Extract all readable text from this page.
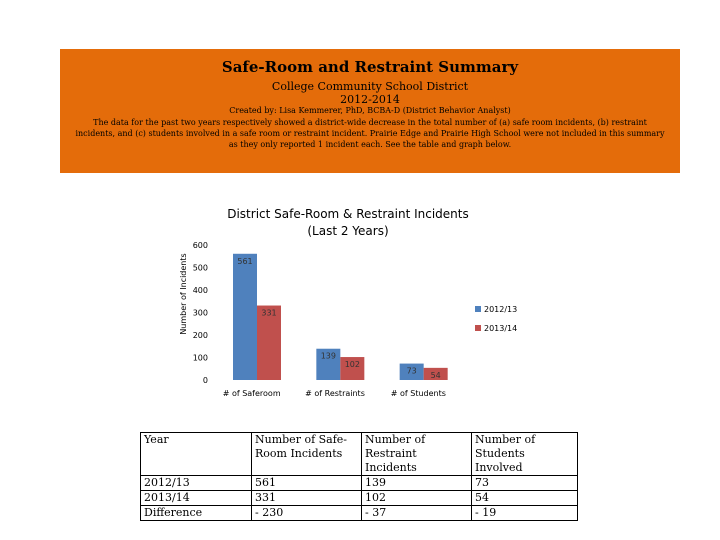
Safe-Room and Restraint Summary
College Community School District
2012-2014
Created by: Lisa Kemmerer, PhD, BCBA-D (District Behavior Analyst)
The data for the past two years respectively showed a district-wide decrease in the total number of (a) safe room incidents, (b) restraint incidents, and (c) students involved in a safe room or restraint incident. Prairie Edge and Prairie High School were not included in this summary as they only reported 1 incident each. See the table and graph below.
District Safe-Room & Restraint Incidents
(Last 2 Years)
Number of Incidents
0
100
200
300
400
500
600
561
331
# of Saferoom
139
102
# of Restraints
73 54
# of Students
2012/13
2013/14
Year	Number of Safe-Room Incidents	Number of Restraint Incidents	Number of Students Involved
2012/13	561	139	73
2013/14	331	102	54
Difference	- 230	- 37	- 19
